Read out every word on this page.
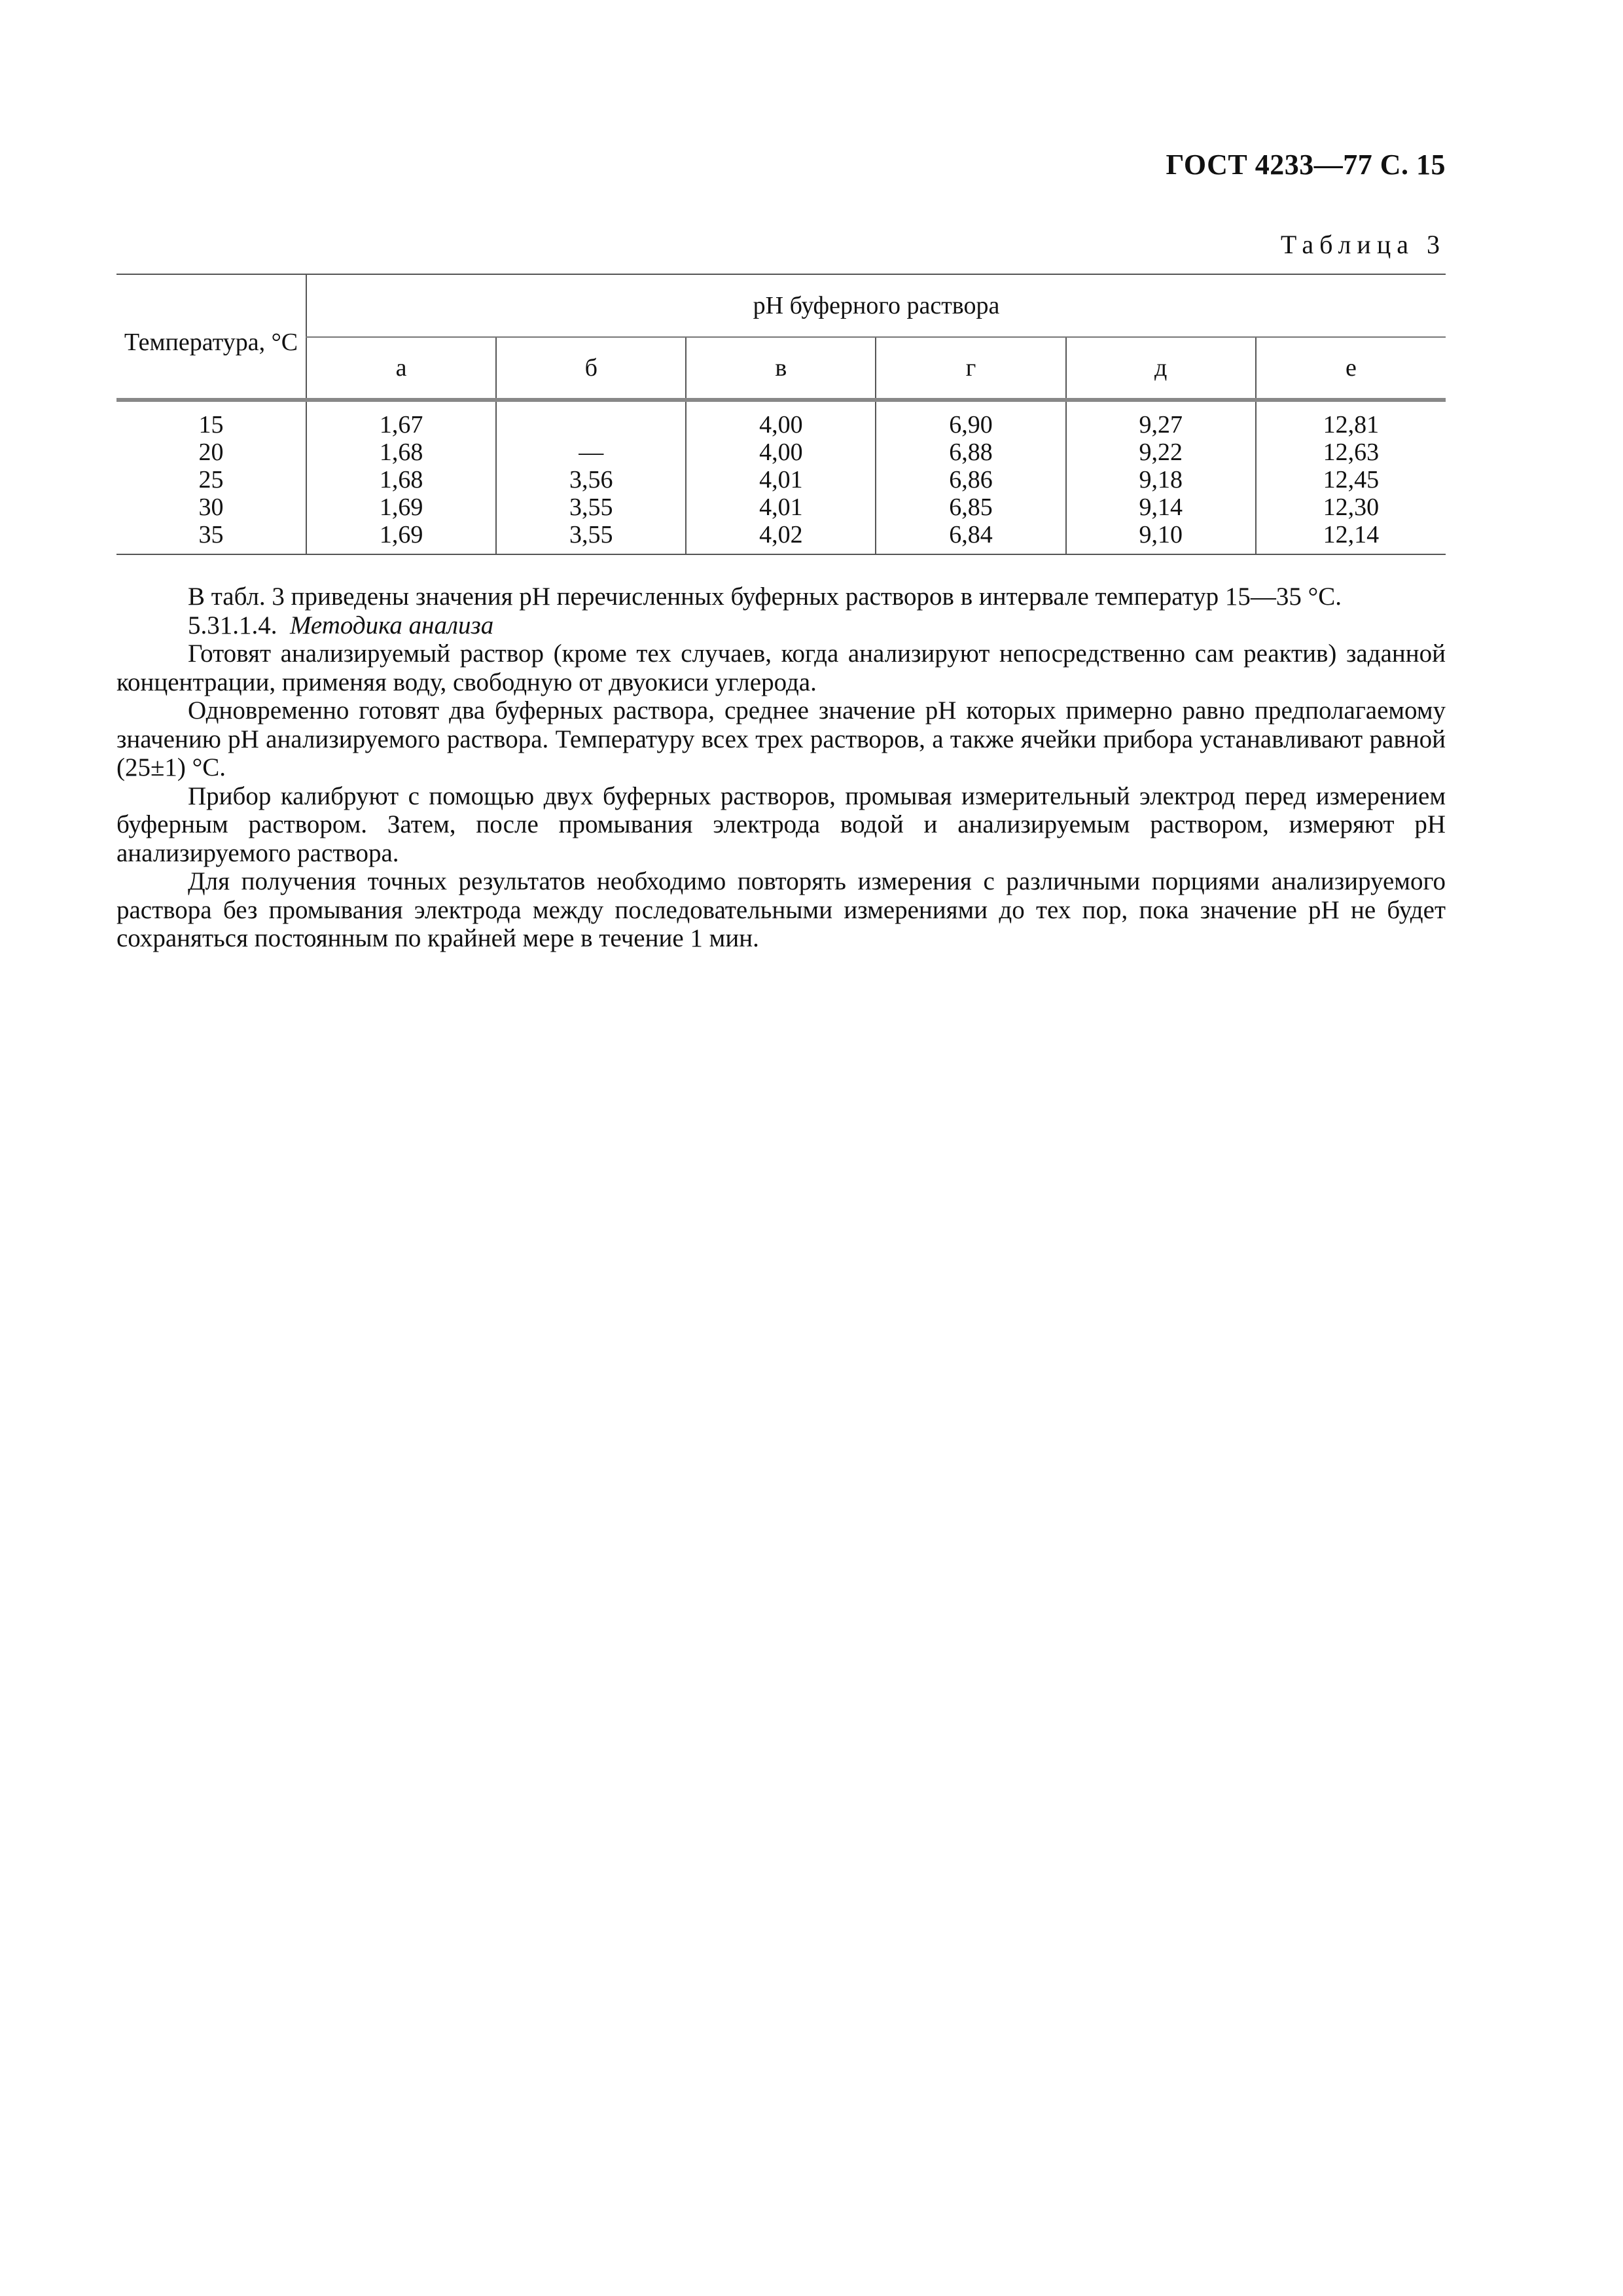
ГОСТ 4233—77 С. 15
Таблица 3
Температура, °С	рН буферного раствора					
	а	б	в	г	д	е
15	1,67		4,00	6,90	9,27	12,81
20	1,68	—	4,00	6,88	9,22	12,63
25	1,68	3,56	4,01	6,86	9,18	12,45
30	1,69	3,55	4,01	6,85	9,14	12,30
35	1,69	3,55	4,02	6,84	9,10	12,14

В табл. 3 приведены значения рН перечисленных буферных растворов в интервале температур 15—35 °С.

5.31.1.4. Методика анализа

Готовят анализируемый раствор (кроме тех случаев, когда анализируют непосредственно сам реактив) заданной концентрации, применяя воду, свободную от двуокиси углерода.

Одновременно готовят два буферных раствора, среднее значение рН которых примерно равно предполагаемому значению рН анализируемого раствора. Температуру всех трех растворов, а также ячейки прибора устанавливают равной (25±1) °С.

Прибор калибруют с помощью двух буферных растворов, промывая измерительный электрод перед измерением буферным раствором. Затем, после промывания электрода водой и анализируемым раствором, измеряют рН анализируемого раствора.

Для получения точных результатов необходимо повторять измерения с различными порциями анализируемого раствора без промывания электрода между последовательными измерениями до тех пор, пока значение рН не будет сохраняться постоянным по крайней мере в течение 1 мин.
